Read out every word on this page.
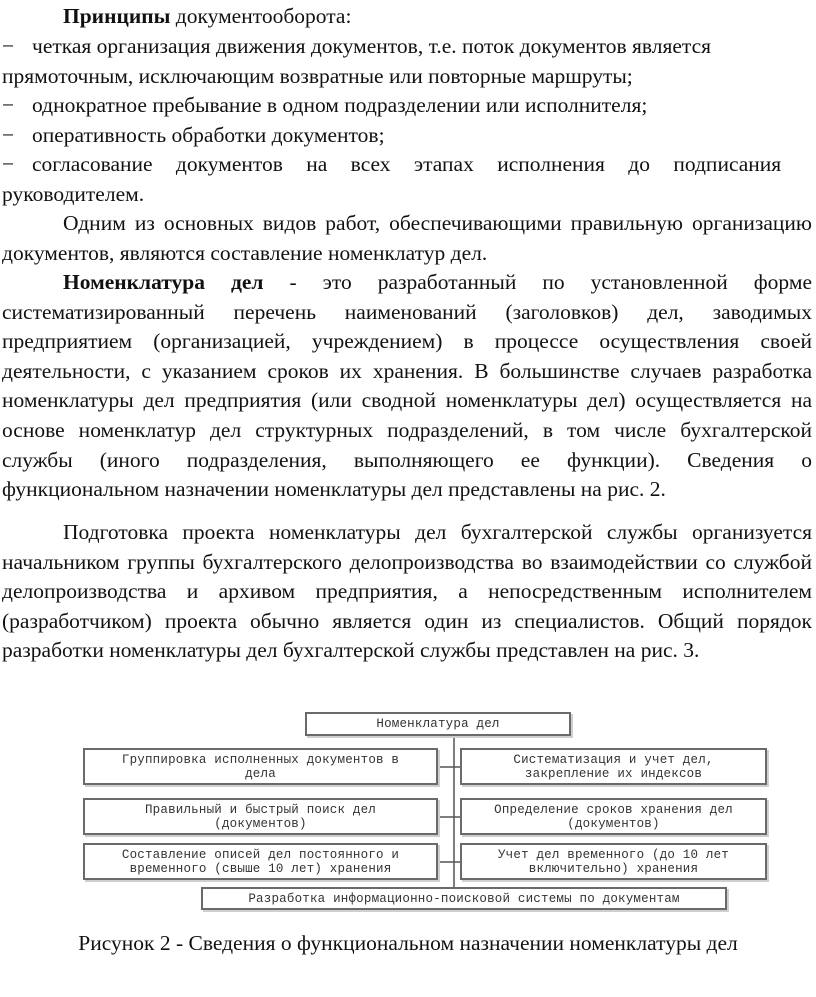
Принципы документооборота:

− четкая организация движения документов, т.е. поток документов является

прямоточным, исключающим возвратные или повторные маршруты;

− однократное пребывание в одном подразделении или исполнителя;

− оперативность обработки документов;

− согласование документов на всех этапах исполнения до подписания

руководителем.

Одним из основных видов работ, обеспечивающими правильную организацию документов, являются составление номенклатур дел.

Номенклатура дел - это разработанный по установленной форме систематизированный перечень наименований (заголовков) дел, заводимых предприятием (организацией, учреждением) в процессе осуществления своей деятельности, с указанием сроков их хранения. В большинстве случаев разработка номенклатуры дел предприятия (или сводной номенклатуры дел) осуществляется на основе номенклатур дел структурных подразделений, в том числе бухгалтерской службы (иного подразделения, выполняющего ее функции). Сведения о функциональном назначении номенклатуры дел представлены на рис. 2.

Подготовка проекта номенклатуры дел бухгалтерской службы организуется начальником группы бухгалтерского делопроизводства во взаимодействии со службой делопроизводства и архивом предприятия, а непосредственным исполнителем (разработчиком) проекта обычно является один из специалистов. Общий порядок разработки номенклатуры дел бухгалтерской службы представлен на рис. 3.

Номенклатура дел
Группировка исполненных документов в
дела
Правильный и быстрый поиск дел
(документов)
Составление описей дел постоянного и
временного (свыше 10 лет) хранения
Систематизация и учет дел,
закрепление их индексов
Определение сроков хранения дел
(документов)
Учет дел временного (до 10 лет
включительно) хранения
Разработка информационно-поисковой системы по документам

Рисунок 2 - Сведения о функциональном назначении номенклатуры дел
